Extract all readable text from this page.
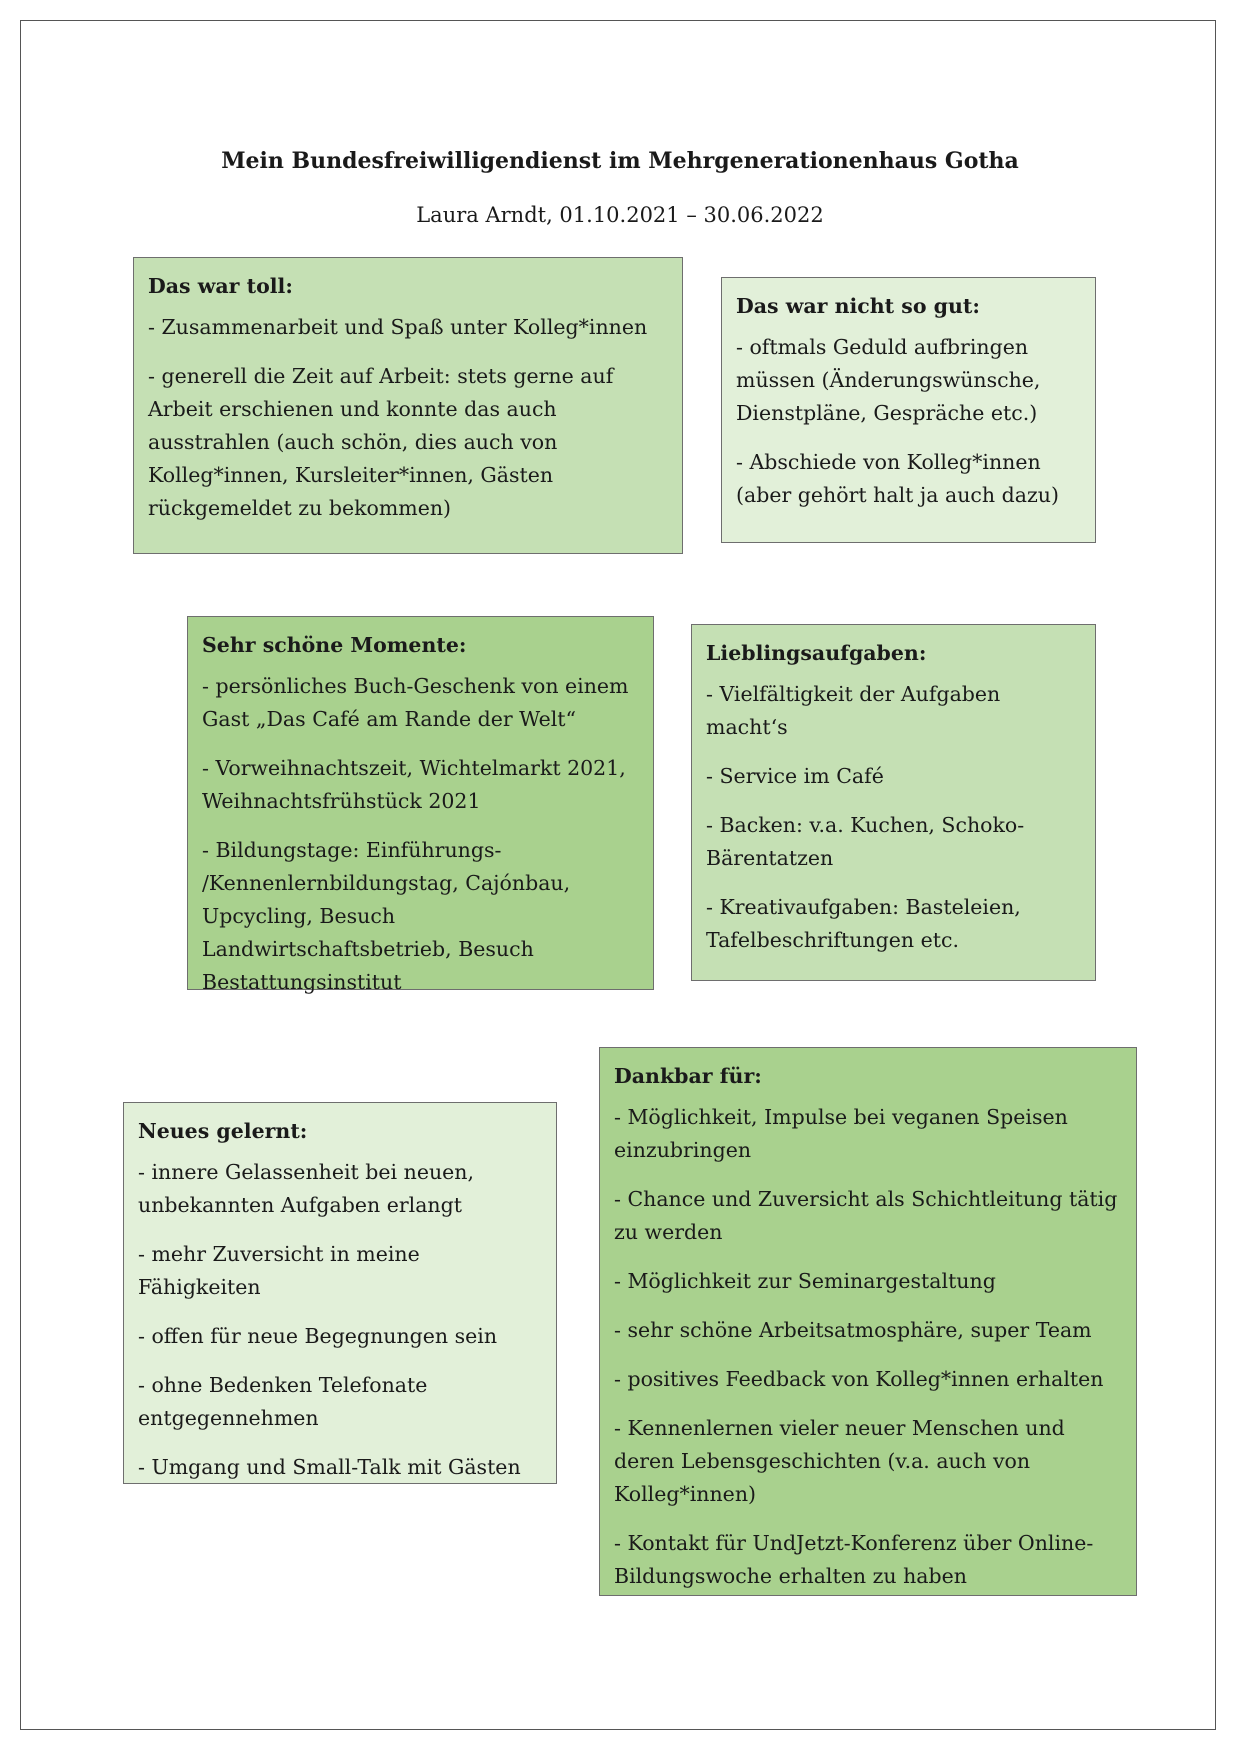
Mein Bundesfreiwilligendienst im Mehrgenerationenhaus Gotha
Laura Arndt, 01.10.2021 – 30.06.2022
Das war toll:
- Zusammenarbeit und Spaß unter Kolleg*innen
- generell die Zeit auf Arbeit: stets gerne auf Arbeit erschienen und konnte das auch ausstrahlen (auch schön, dies auch von Kolleg*innen, Kursleiter*innen, Gästen rückgemeldet zu bekommen)
Das war nicht so gut:
- oftmals Geduld aufbringen müssen (Änderungswünsche, Dienstpläne, Gespräche etc.)
- Abschiede von Kolleg*innen (aber gehört halt ja auch dazu)
Sehr schöne Momente:
- persönliches Buch-Geschenk von einem Gast „Das Café am Rande der Welt“
- Vorweihnachtszeit, Wichtelmarkt 2021, Weihnachtsfrühstück 2021
- Bildungstage: Einführungs- /Kennenlernbildungstag, Cajónbau, Upcycling, Besuch Landwirtschaftsbetrieb, Besuch Bestattungsinstitut
Lieblingsaufgaben:
- Vielfältigkeit der Aufgaben macht‘s
- Service im Café
- Backen: v.a. Kuchen, Schoko-Bärentatzen
- Kreativaufgaben: Basteleien, Tafelbeschriftungen etc.
Neues gelernt:
- innere Gelassenheit bei neuen, unbekannten Aufgaben erlangt
- mehr Zuversicht in meine Fähigkeiten
- offen für neue Begegnungen sein
- ohne Bedenken Telefonate entgegennehmen
- Umgang und Small-Talk mit Gästen
Dankbar für:
- Möglichkeit, Impulse bei veganen Speisen einzubringen
- Chance und Zuversicht als Schichtleitung tätig zu werden
- Möglichkeit zur Seminargestaltung
- sehr schöne Arbeitsatmosphäre, super Team
- positives Feedback von Kolleg*innen erhalten
- Kennenlernen vieler neuer Menschen und deren Lebensgeschichten (v.a. auch von Kolleg*innen)
- Kontakt für UndJetzt-Konferenz über Online-Bildungswoche erhalten zu haben
